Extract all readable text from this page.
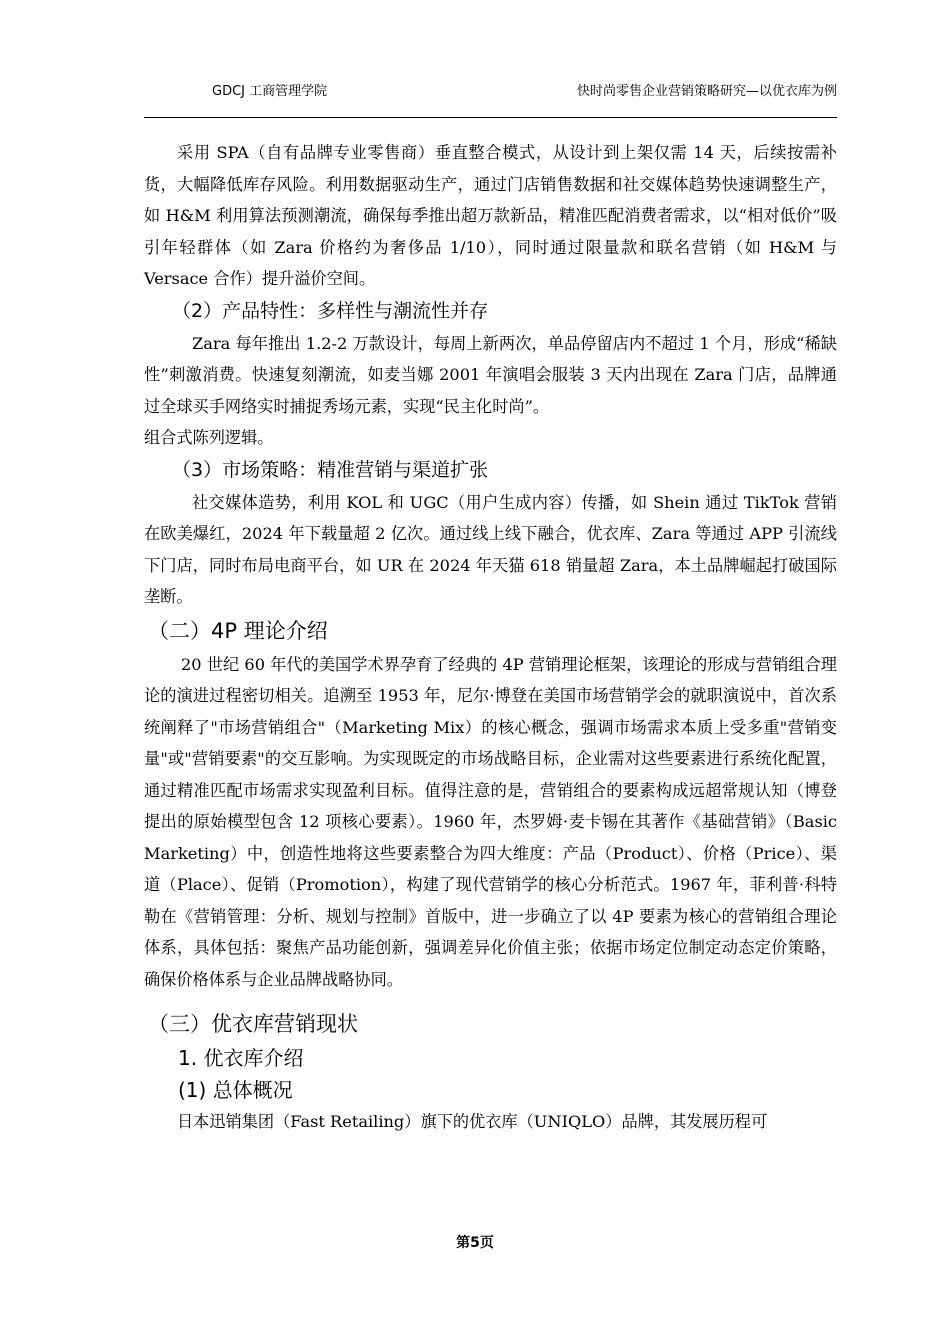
GDCJ 工商管理学院	快时尚零售企业营销策略研究—以优衣库为例

采用 SPA（自有品牌专业零售商）垂直整合模式，从设计到上架仅需 14 天，后续按需补货，大幅降低库存风险。利用数据驱动生产，通过门店销售数据和社交媒体趋势快速调整生产，如 H&M 利用算法预测潮流，确保每季推出超万款新品，精准匹配消费者需求，以“相对低价”吸引年轻群体（如 Zara 价格约为奢侈品 1/10），同时通过限量款和联名营销（如 H&M 与 Versace 合作）提升溢价空间。

（2）产品特性：多样性与潮流性并存

Zara 每年推出 1.2-2 万款设计，每周上新两次，单品停留店内不超过 1 个月，形成“稀缺性”刺激消费。快速复刻潮流，如麦当娜 2001 年演唱会服装 3 天内出现在 Zara 门店，品牌通过全球买手网络实时捕捉秀场元素，实现“民主化时尚”。

组合式陈列逻辑。

（3）市场策略：精准营销与渠道扩张

社交媒体造势，利用 KOL 和 UGC（用户生成内容）传播，如 Shein 通过 TikTok 营销在欧美爆红，2024 年下载量超 2 亿次。通过线上线下融合，优衣库、Zara 等通过 APP 引流线下门店，同时布局电商平台，如 UR 在 2024 年天猫 618 销量超 Zara，本土品牌崛起打破国际垄断。

（二）4P 理论介绍

20 世纪 60 年代的美国学术界孕育了经典的 4P 营销理论框架，该理论的形成与营销组合理论的演进过程密切相关。追溯至 1953 年，尼尔·博登在美国市场营销学会的就职演说中，首次系统阐释了"市场营销组合"（Marketing Mix）的核心概念，强调市场需求本质上受多重"营销变量"或"营销要素"的交互影响。为实现既定的市场战略目标，企业需对这些要素进行系统化配置，通过精准匹配市场需求实现盈利目标。值得注意的是，营销组合的要素构成远超常规认知（博登提出的原始模型包含 12 项核心要素）。1960 年，杰罗姆·麦卡锡在其著作《基础营销》（Basic Marketing）中，创造性地将这些要素整合为四大维度：产品（Product）、价格（Price）、渠道（Place）、促销（Promotion），构建了现代营销学的核心分析范式。1967 年，菲利普·科特勒在《营销管理：分析、规划与控制》首版中，进一步确立了以 4P 要素为核心的营销组合理论体系，具体包括：聚焦产品功能创新，强调差异化价值主张；依据市场定位制定动态定价策略，确保价格体系与企业品牌战略协同。

（三）优衣库营销现状
1. 优衣库介绍
(1) 总体概况

日本迅销集团（Fast Retailing）旗下的优衣库（UNIQLO）品牌，其发展历程可

第5页
